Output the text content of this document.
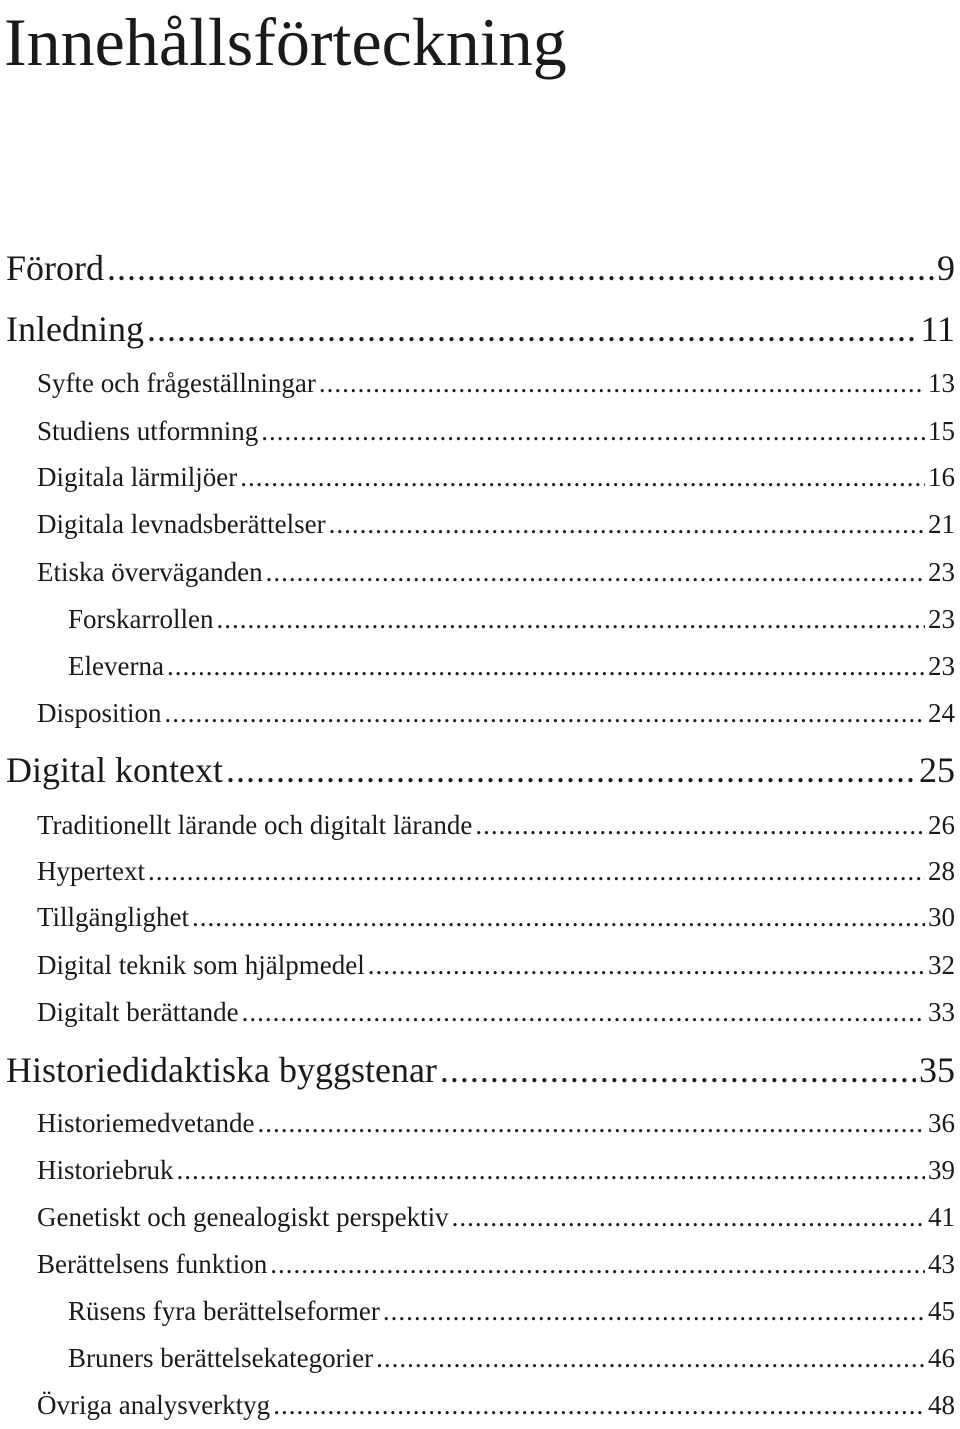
Innehållsförteckning
Förord .....	9
Inledning .....	11
Syfte och frågeställningar .....	13
Studiens utformning .....	15
Digitala lärmiljöer .....	16
Digitala levnadsberättelser .....	21
Etiska överväganden .....	23
Forskarrollen .....	23
Eleverna .....	23
Disposition .....	24
Digital kontext .....	25
Traditionellt lärande och digitalt lärande .....	26
Hypertext .....	28
Tillgänglighet .....	30
Digital teknik som hjälpmedel .....	32
Digitalt berättande .....	33
Historiedidaktiska byggstenar .....	35
Historiemedvetande .....	36
Historiebruk .....	39
Genetiskt och genealogiskt perspektiv .....	41
Berättelsens funktion .....	43
Rüsens fyra berättelseformer .....	45
Bruners berättelsekategorier .....	46
Övriga analysverktyg .....	48
